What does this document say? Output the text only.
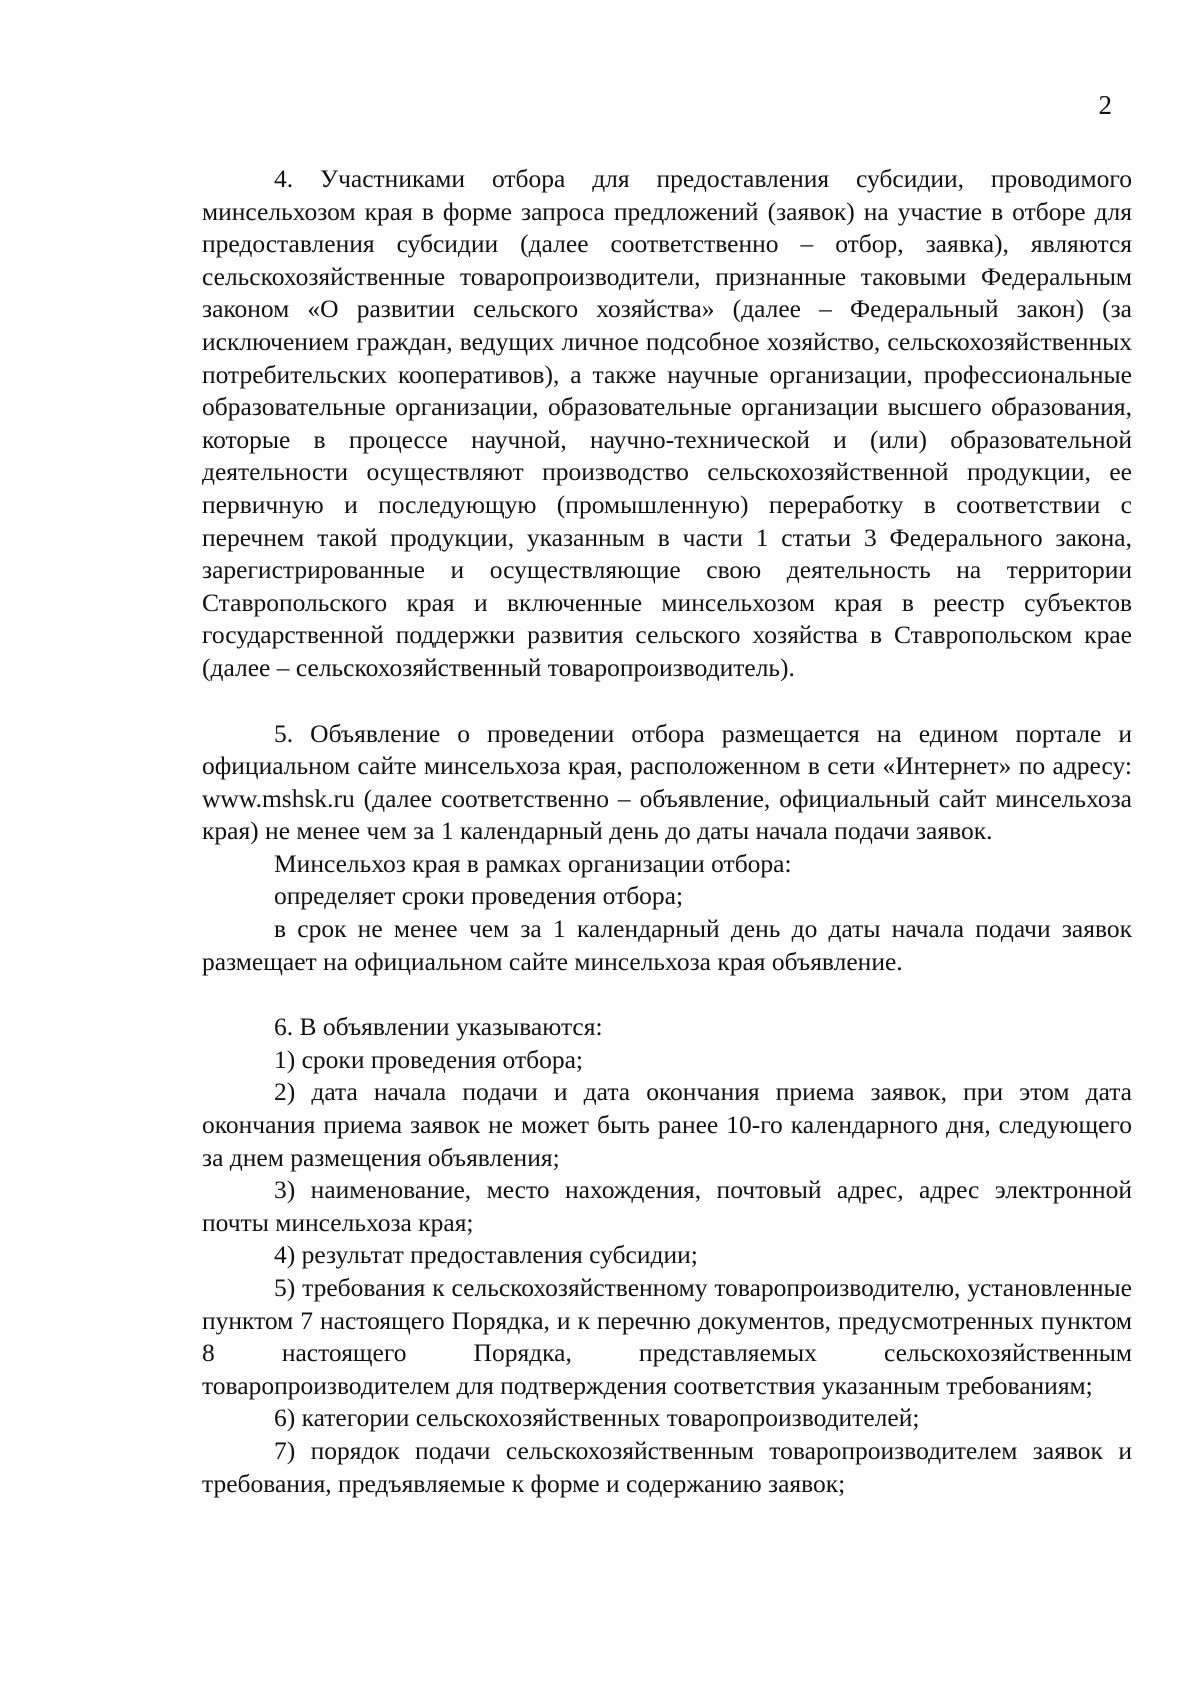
2

4. Участниками отбора для предоставления субсидии, проводимого минсельхозом края в форме запроса предложений (заявок) на участие в отборе для предоставления субсидии (далее соответственно – отбор, заявка), являются сельскохозяйственные товаропроизводители, признанные таковыми Федеральным законом «О развитии сельского хозяйства» (далее – Федеральный закон) (за исключением граждан, ведущих личное подсобное хозяйство, сельскохозяйственных потребительских кооперативов), а также научные организации, профессиональные образовательные организации, образовательные организации высшего образования, которые в процессе научной, научно-технической и (или) образовательной деятельности осуществляют производство сельскохозяйственной продукции, ее первичную и последующую (промышленную) переработку в соответствии с перечнем такой продукции, указанным в части 1 статьи 3 Федерального закона, зарегистрированные и осуществляющие свою деятельность на территории Ставропольского края и включенные минсельхозом края в реестр субъектов государственной поддержки развития сельского хозяйства в Ставропольском крае (далее – сельскохозяйственный товаропроизводитель).

5. Объявление о проведении отбора размещается на едином портале и официальном сайте минсельхоза края, расположенном в сети «Интернет» по адресу: www.mshsk.ru (далее соответственно – объявление, официальный сайт минсельхоза края) не менее чем за 1 календарный день до даты начала подачи заявок.

Минсельхоз края в рамках организации отбора:

определяет сроки проведения отбора;

в срок не менее чем за 1 календарный день до даты начала подачи заявок размещает на официальном сайте минсельхоза края объявление.

6. В объявлении указываются:

1) сроки проведения отбора;

2) дата начала подачи и дата окончания приема заявок, при этом дата окончания приема заявок не может быть ранее 10-го календарного дня, следующего за днем размещения объявления;

3) наименование, место нахождения, почтовый адрес, адрес электронной почты минсельхоза края;

4) результат предоставления субсидии;

5) требования к сельскохозяйственному товаропроизводителю, установленные пунктом 7 настоящего Порядка, и к перечню документов, предусмотренных пунктом 8 настоящего Порядка, представляемых сельскохозяйственным товаропроизводителем для подтверждения соответствия указанным требованиям;

6) категории сельскохозяйственных товаропроизводителей;

7) порядок подачи сельскохозяйственным товаропроизводителем заявок и требования, предъявляемые к форме и содержанию заявок;
